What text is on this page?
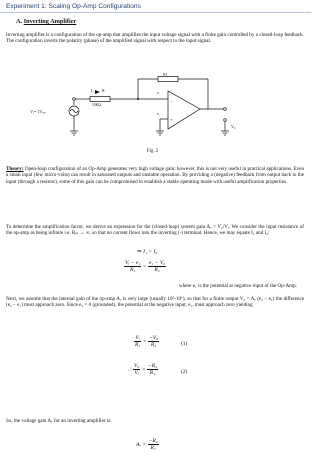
Experiment 1: Scaling Op-Amp Configurations
A. Inverting Amplifier

Inverting amplifier is a configuration of the op-amp that amplifies the input voltage signal with a finite gain controlled by a closed-loop feedback. The configuration inverts the polarity (phase) of the amplified signal with respect to the input signal.

−
+
Rf
I₁ R
10KΩ
e₁
e₂
Vᵢ= 1Vₚₚ
V₀
Fig. 2

Theory: Open-loop configuration of an Op-Amp generates very high voltage gain; however, this is not very useful in practical applications. Even a small input (few micro-volts) can result in saturated outputs and unstable operation. By providing a (negative) feedback from output back to the input (through a resistor), some of this gain can be compromised to establish a stable operating mode with useful amplification properties.

To determine the amplification factor, we derive an expression for the (closed-loop) system gain Aᵥ = V₀/Vᵢ. We consider the input resistance of the op-amp as being infinite i.e. Rᵢₙ → ∞, so that no current flows into the inverting (-) terminal. Hence, we may equate I₁ and I₂:

⇒ I₁ = I₂
$\frac{\text{Vᵢ − e₁}}{\text{R₁}} = \frac{\text{e₁ − V₀}}{\text{R₂}}$
where e₁ is the potential at negative input of the Op-Amp.

Next, we assume that the internal gain of the op-amp Aₒ is very large (usually 10⁵-10⁶), so that for a finite output V₀ = Aₒ (e₂ − e₁) the difference (e₂ − e₁) must approach zero. Since e₂ = 0 (grounded), the potential at the negative input, e₁, must approach zero yielding

$\frac{\text{Vᵢ}}{\text{R₁}} = \frac{\text{−V₀}}{\text{R₂}}$	(1)
∴ $\frac{\text{V₀}}{\text{Vᵢ}} = \frac{\text{−R₂}}{\text{R₁}}$	(2)
So, the voltage gain Aᵥ for an inverting amplifier is:
Aᵥ = $\frac{\text{−R₂}}{\text{R₁}}$
